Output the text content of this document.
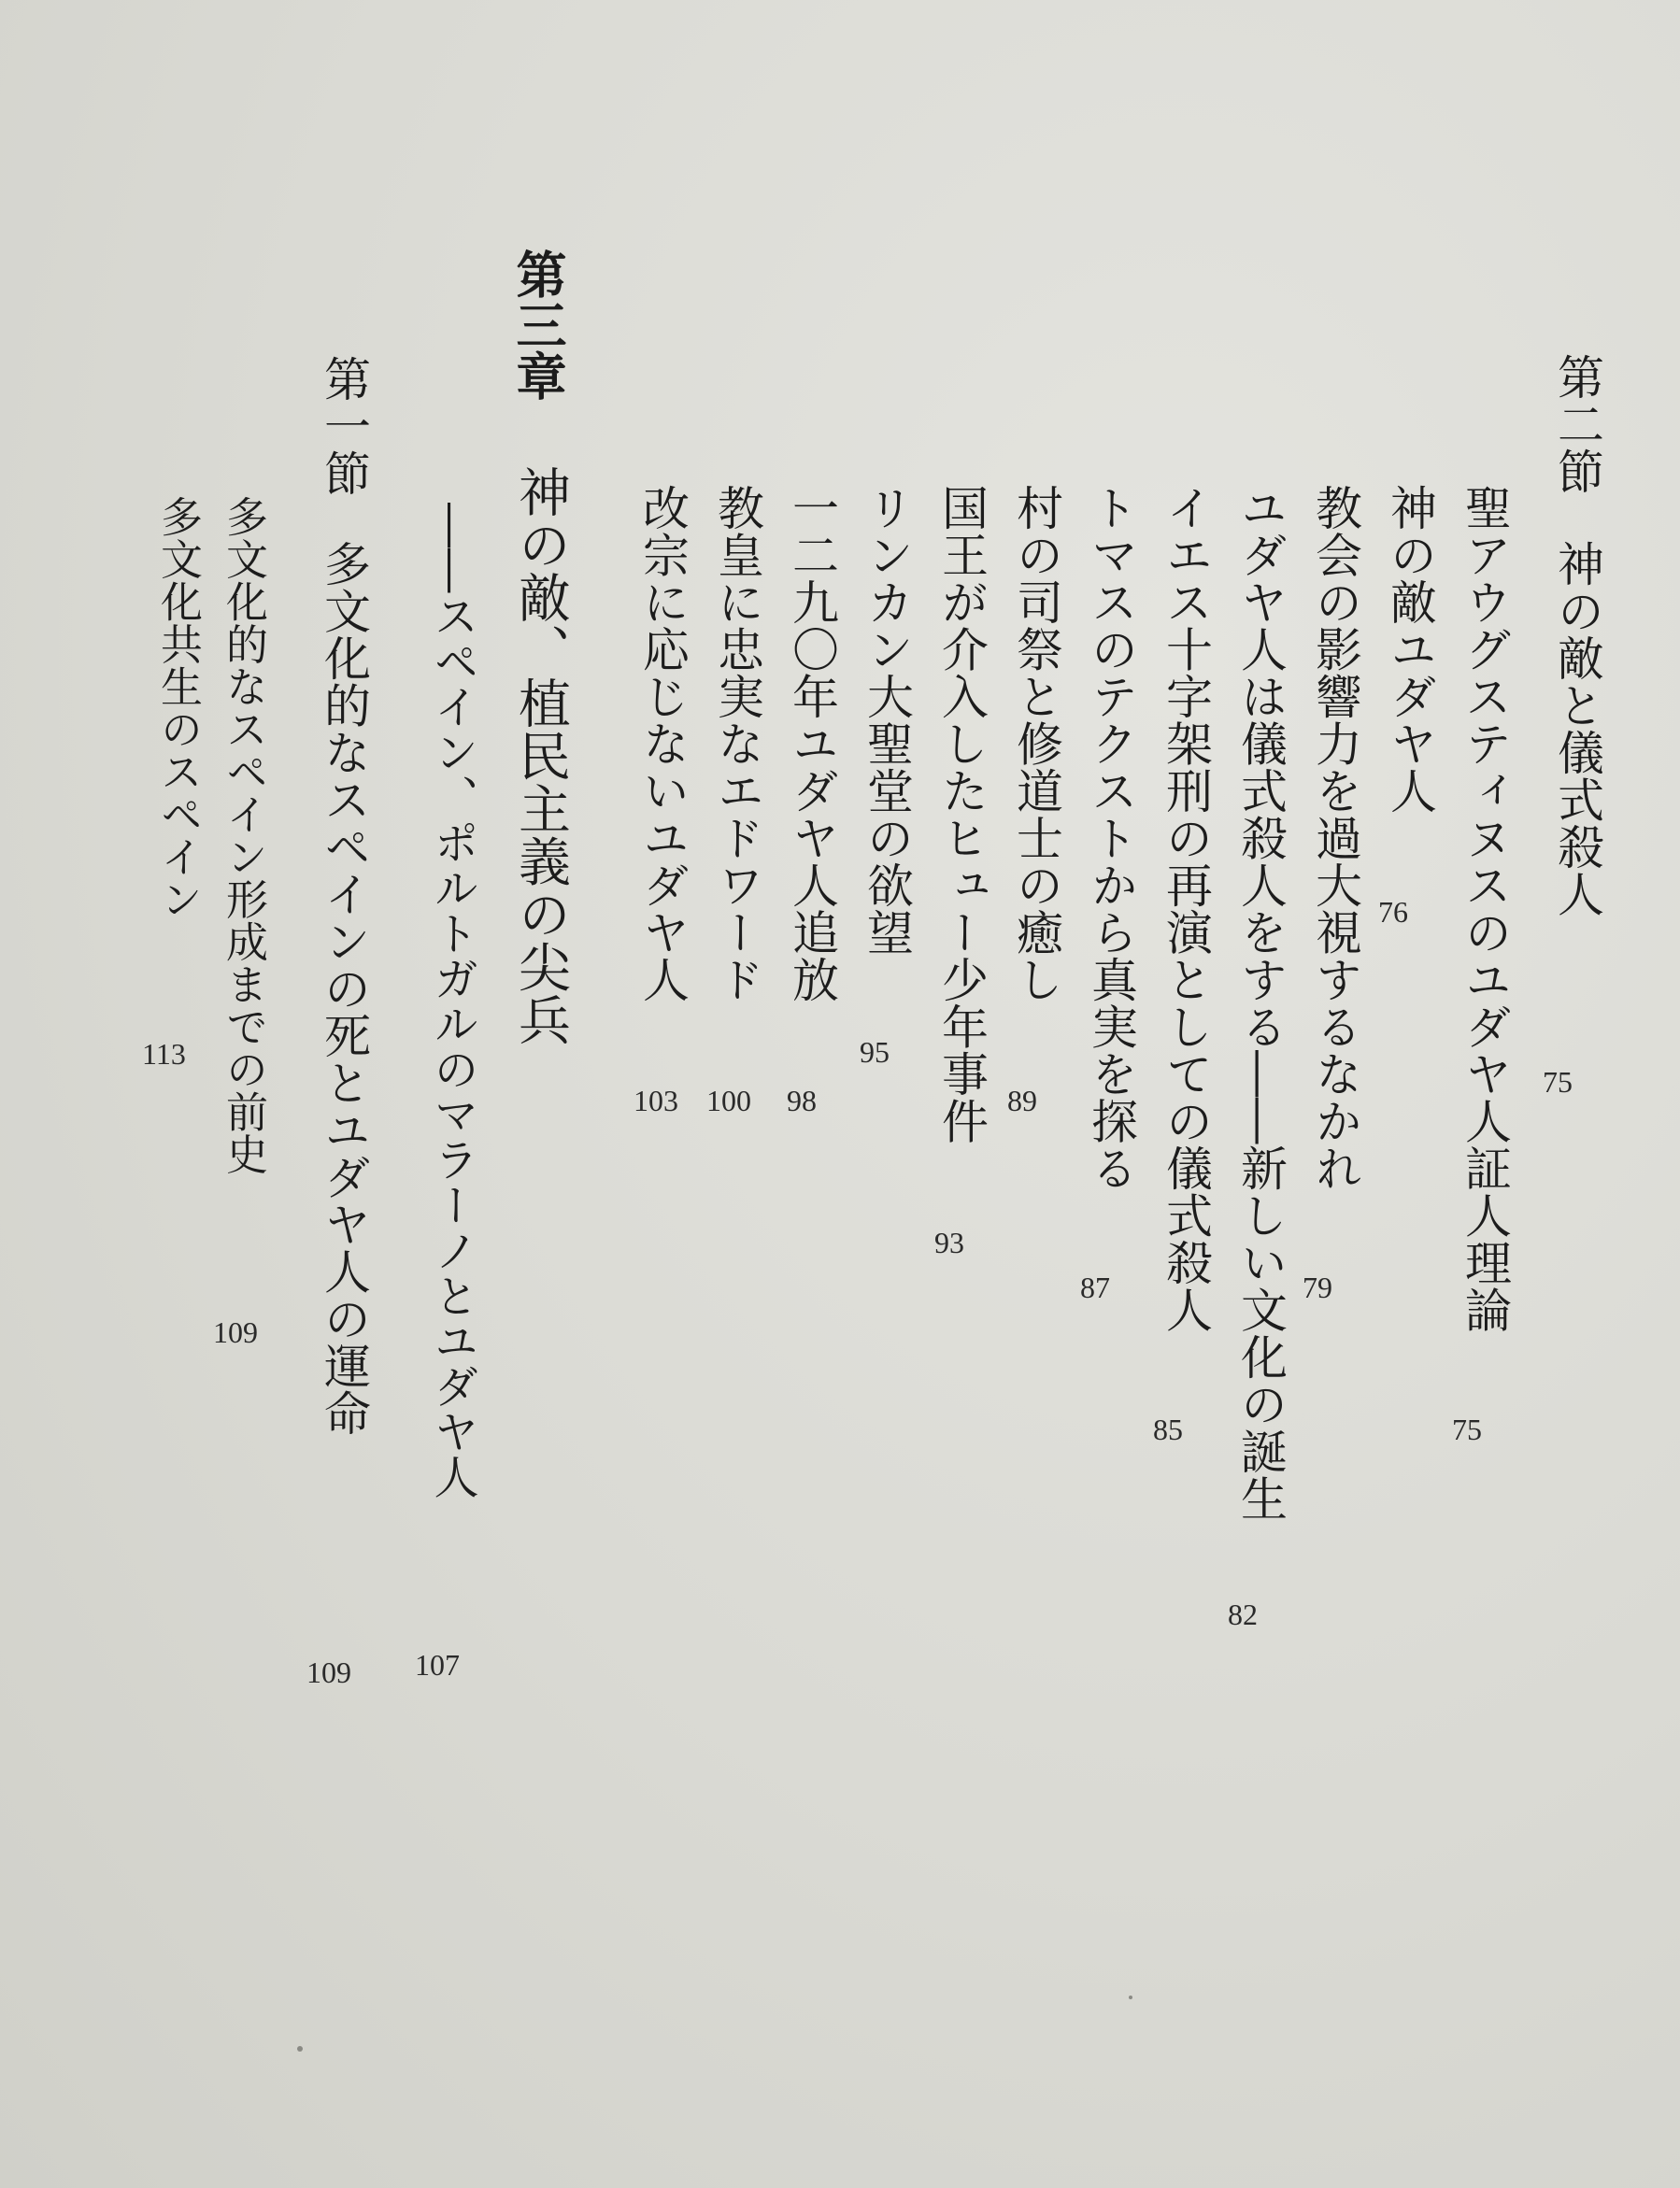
第二節
神の敵と儀式殺人
75
聖アウグスティヌスのユダヤ人証人理論
75
神の敵ユダヤ人
76
教会の影響力を過大視するなかれ
79
ユダヤ人は儀式殺人をする――新しい文化の誕生
82
イエス十字架刑の再演としての儀式殺人
85
トマスのテクストから真実を探る
87
村の司祭と修道士の癒し
89
国王が介入したヒュー少年事件
93
リンカン大聖堂の欲望
95
一二九〇年ユダヤ人追放
98
教皇に忠実なエドワード
100
改宗に応じないユダヤ人
103
第三章
神の敵、植民主義の尖兵
――スペイン、ポルトガルのマラーノとユダヤ人
107
第一節
多文化的なスペインの死とユダヤ人の運命
109
多文化的なスペイン形成までの前史
109
多文化共生のスペイン
113
